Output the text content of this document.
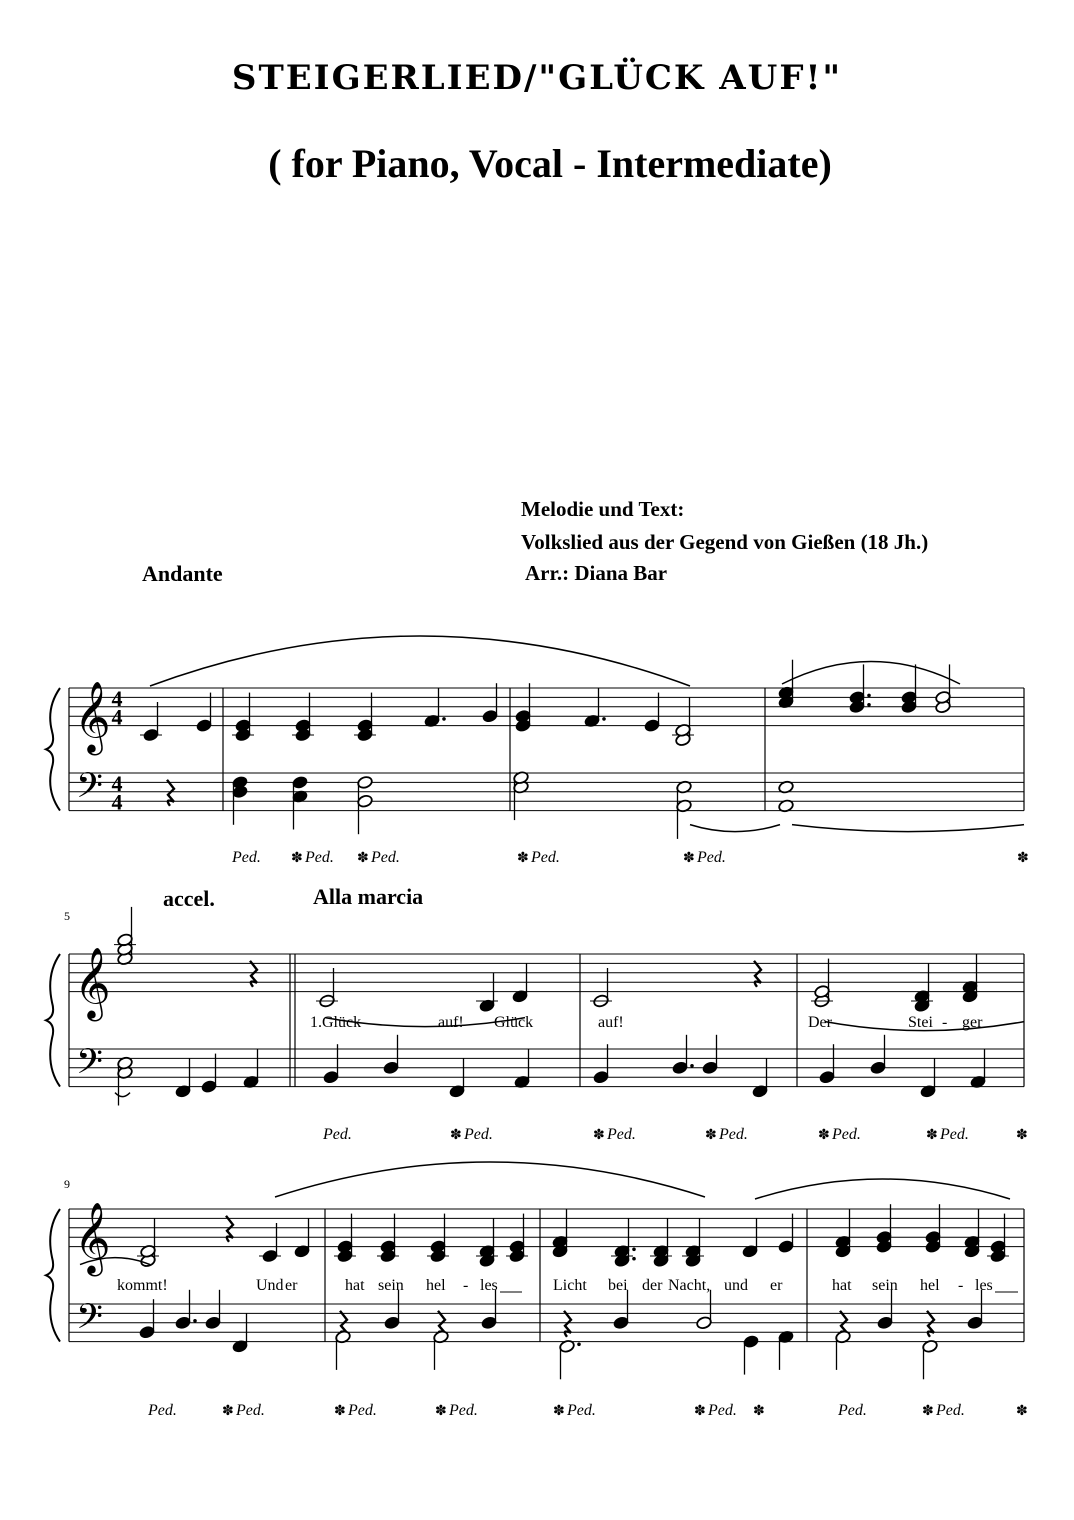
STEIGERLIED/"GLÜCK AUF!"
( for Piano, Vocal - Intermediate)
Melodie und Text:
Volkslied aus der Gegend von Gießen (18 Jh.)
Arr.: Diana Bar
Andante
accel.	Alla marcia
𝄞
𝄢
4
4
4
4
Ped. ✽ Ped. ✽ Ped.	✽ Ped.	✽ Ped.	✽
𝄞
𝄢
5
1.Glück	auf! Glück	auf!	Der	Stei - ger
Ped.	✽ Ped.	✽ Ped.	✽ Ped.	✽ Ped.	✽ Ped.	✽
𝄞
𝄢
9
kommt!	Und er	hat sein hel - les	Licht bei der Nacht, und er	hat sein hel - les
Ped.	✽ Ped.	✽ Ped.	✽ Ped.	✽ Ped.	✽ Ped. ✽	Ped.	✽ Ped.	✽
